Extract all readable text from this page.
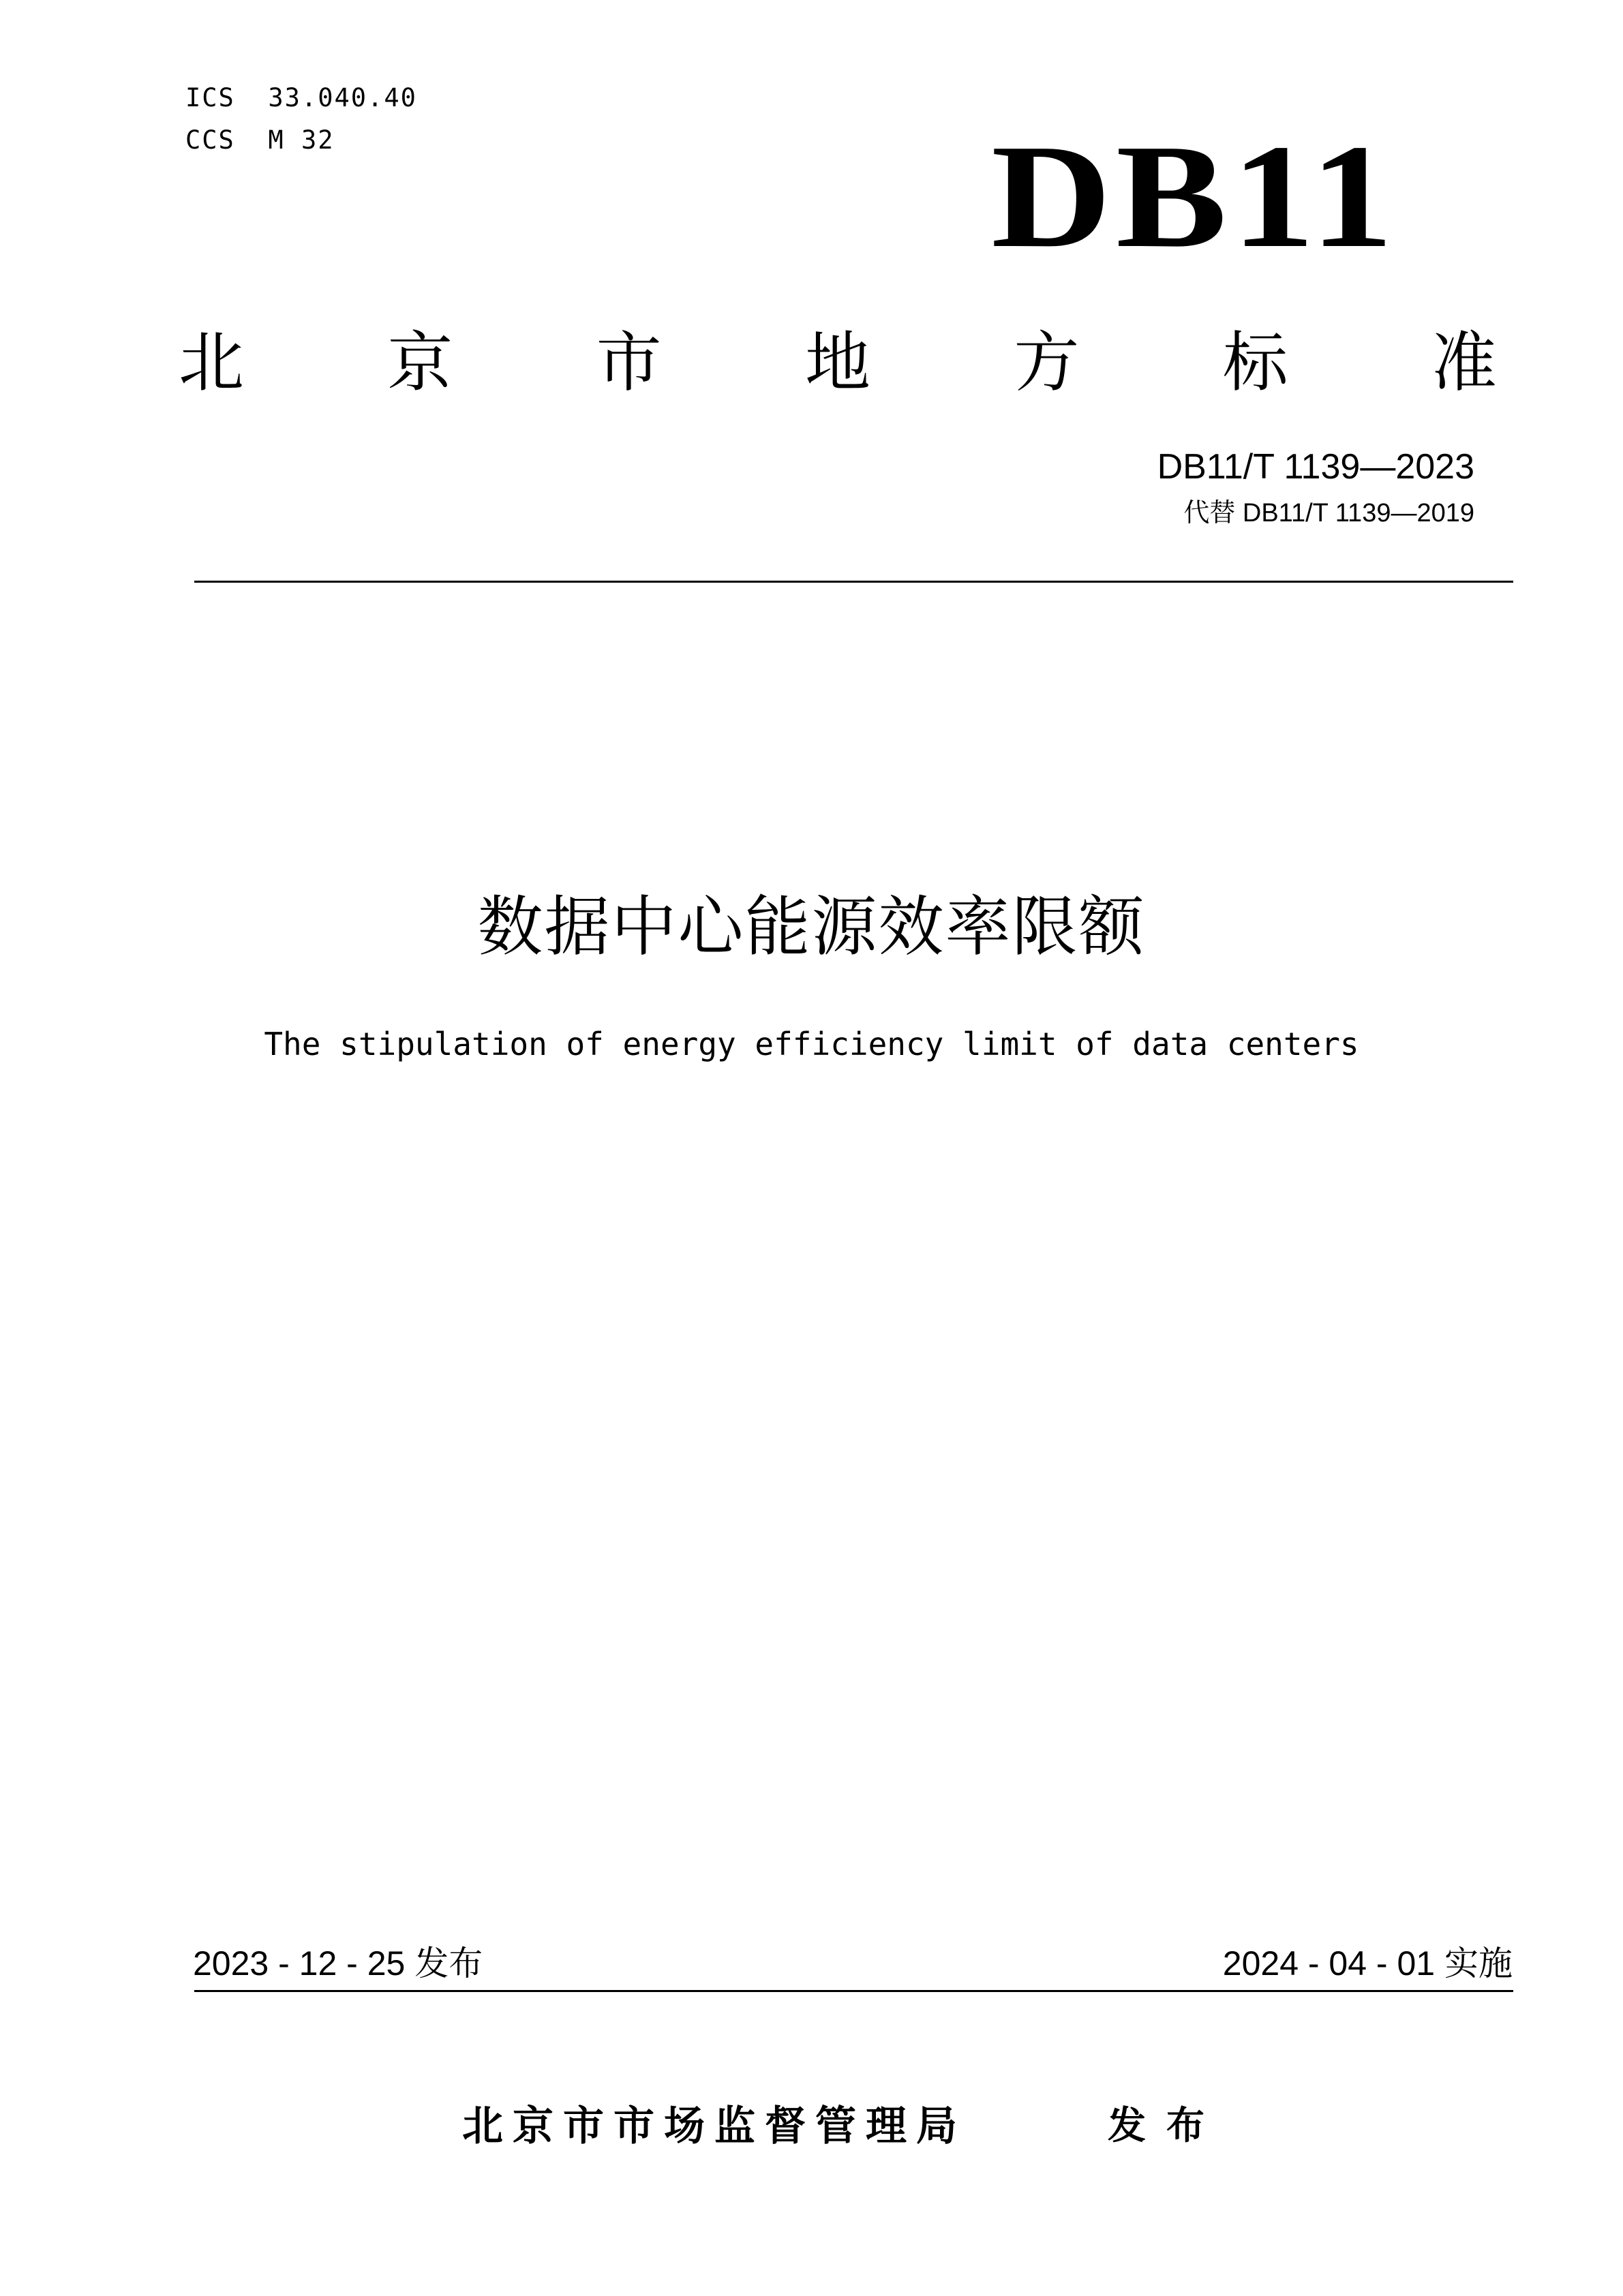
ICS 33.040.40
CCS M 32	DB11
北 京 市 地 方 标 准
DB11/T 1139—2023
代替 DB11/T 1139—2019
数据中心能源效率限额
The stipulation of energy efficiency limit of data centers
2023 - 12 - 25 发布	2024 - 04 - 01 实施
北京市市场监督管理局	发布
